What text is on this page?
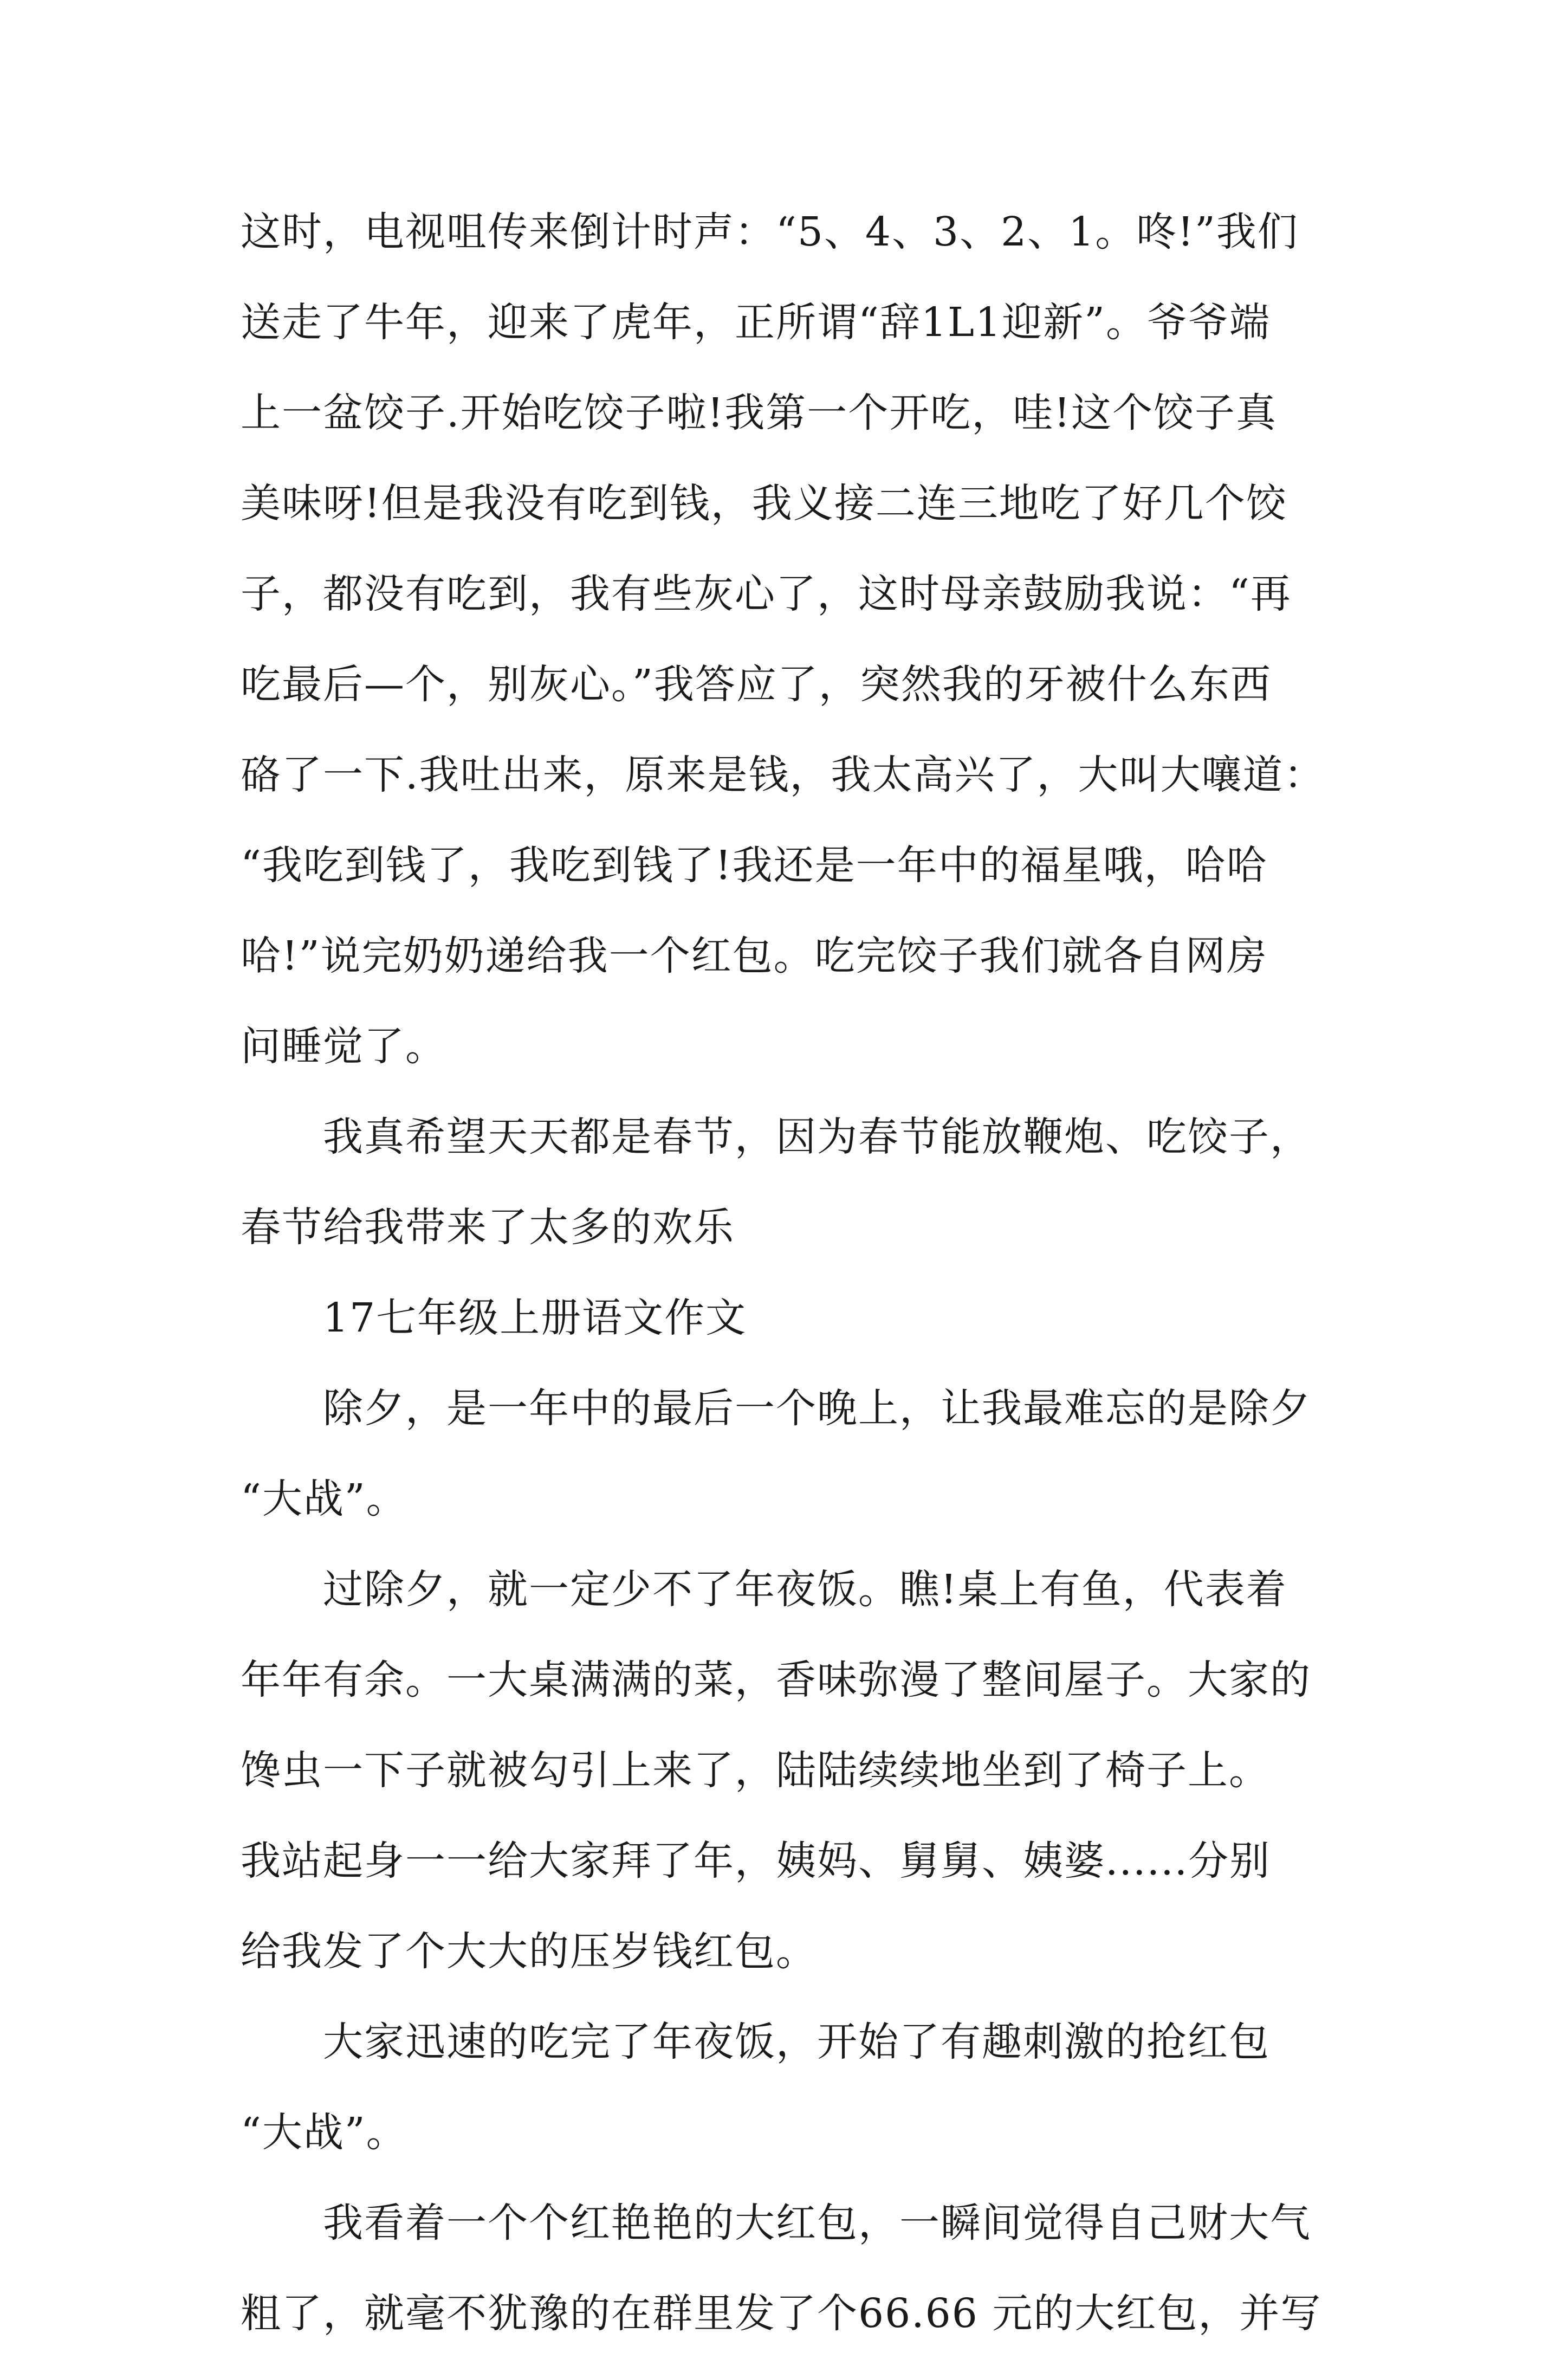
这时，电视咀传来倒计时声：“5、4、3、2、1。咚!”我们
送走了牛年，迎来了虎年，正所谓“辞1L1迎新”。爷爷端
上一盆饺子.开始吃饺子啦!我第一个开吃，哇!这个饺子真
美味呀!但是我没有吃到钱，我义接二连三地吃了好几个饺
子，都没有吃到，我有些灰心了，这时母亲鼓励我说：“再
吃最后—个，别灰心。”我答应了，突然我的牙被什么东西
硌了一下.我吐出来，原来是钱，我太高兴了，大叫大嚷道：
“我吃到钱了，我吃到钱了!我还是一年中的福星哦，哈哈
哈!”说完奶奶递给我一个红包。吃完饺子我们就各自网房
问睡觉了。
　　我真希望天天都是春节，因为春节能放鞭炮、吃饺子，
春节给我带来了太多的欢乐
　　17七年级上册语文作文
　　除夕，是一年中的最后一个晚上，让我最难忘的是除夕
“大战”。
　　过除夕，就一定少不了年夜饭。瞧!桌上有鱼，代表着
年年有余。一大桌满满的菜，香味弥漫了整间屋子。大家的
馋虫一下子就被勾引上来了，陆陆续续地坐到了椅子上。
我站起身一一给大家拜了年，姨妈、舅舅、姨婆......分别
给我发了个大大的压岁钱红包。
　　大家迅速的吃完了年夜饭，开始了有趣刺激的抢红包
“大战”。
　　我看着一个个红艳艳的大红包，一瞬间觉得自己财大气
粗了，就毫不犹豫的在群里发了个66.66 元的大红包，并写
